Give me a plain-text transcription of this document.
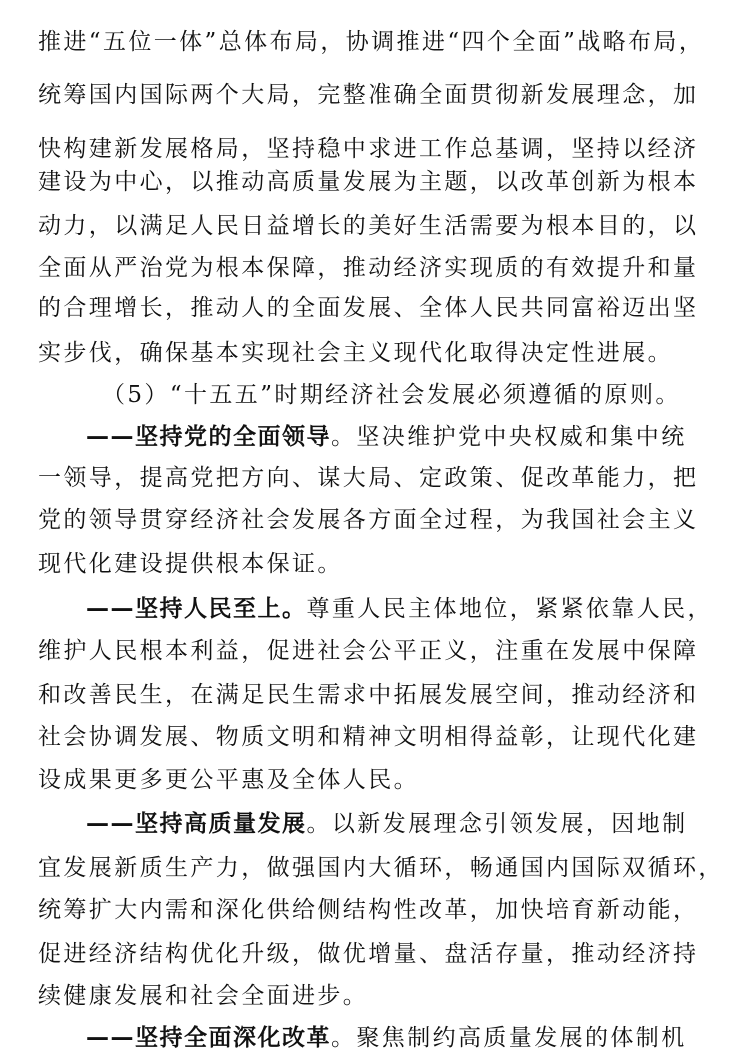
推进“五位一体”总体布局，协调推进“四个全面”战略布局，
统筹国内国际两个大局，完整准确全面贯彻新发展理念，加
快构建新发展格局，坚持稳中求进工作总基调，坚持以经济
建设为中心，以推动高质量发展为主题，以改革创新为根本
动力，以满足人民日益增长的美好生活需要为根本目的，以
全面从严治党为根本保障，推动经济实现质的有效提升和量
的合理增长，推动人的全面发展、全体人民共同富裕迈出坚
实步伐，确保基本实现社会主义现代化取得决定性进展。
（5）“十五五”时期经济社会发展必须遵循的原则。
——坚持党的全面领导。坚决维护党中央权威和集中统
一领导，提高党把方向、谋大局、定政策、促改革能力，把
党的领导贯穿经济社会发展各方面全过程，为我国社会主义
现代化建设提供根本保证。
——坚持人民至上。尊重人民主体地位，紧紧依靠人民，
维护人民根本利益，促进社会公平正义，注重在发展中保障
和改善民生，在满足民生需求中拓展发展空间，推动经济和
社会协调发展、物质文明和精神文明相得益彰，让现代化建
设成果更多更公平惠及全体人民。
——坚持高质量发展。以新发展理念引领发展，因地制
宜发展新质生产力，做强国内大循环，畅通国内国际双循环，
统筹扩大内需和深化供给侧结构性改革，加快培育新动能，
促进经济结构优化升级，做优增量、盘活存量，推动经济持
续健康发展和社会全面进步。
——坚持全面深化改革。聚焦制约高质量发展的体制机
